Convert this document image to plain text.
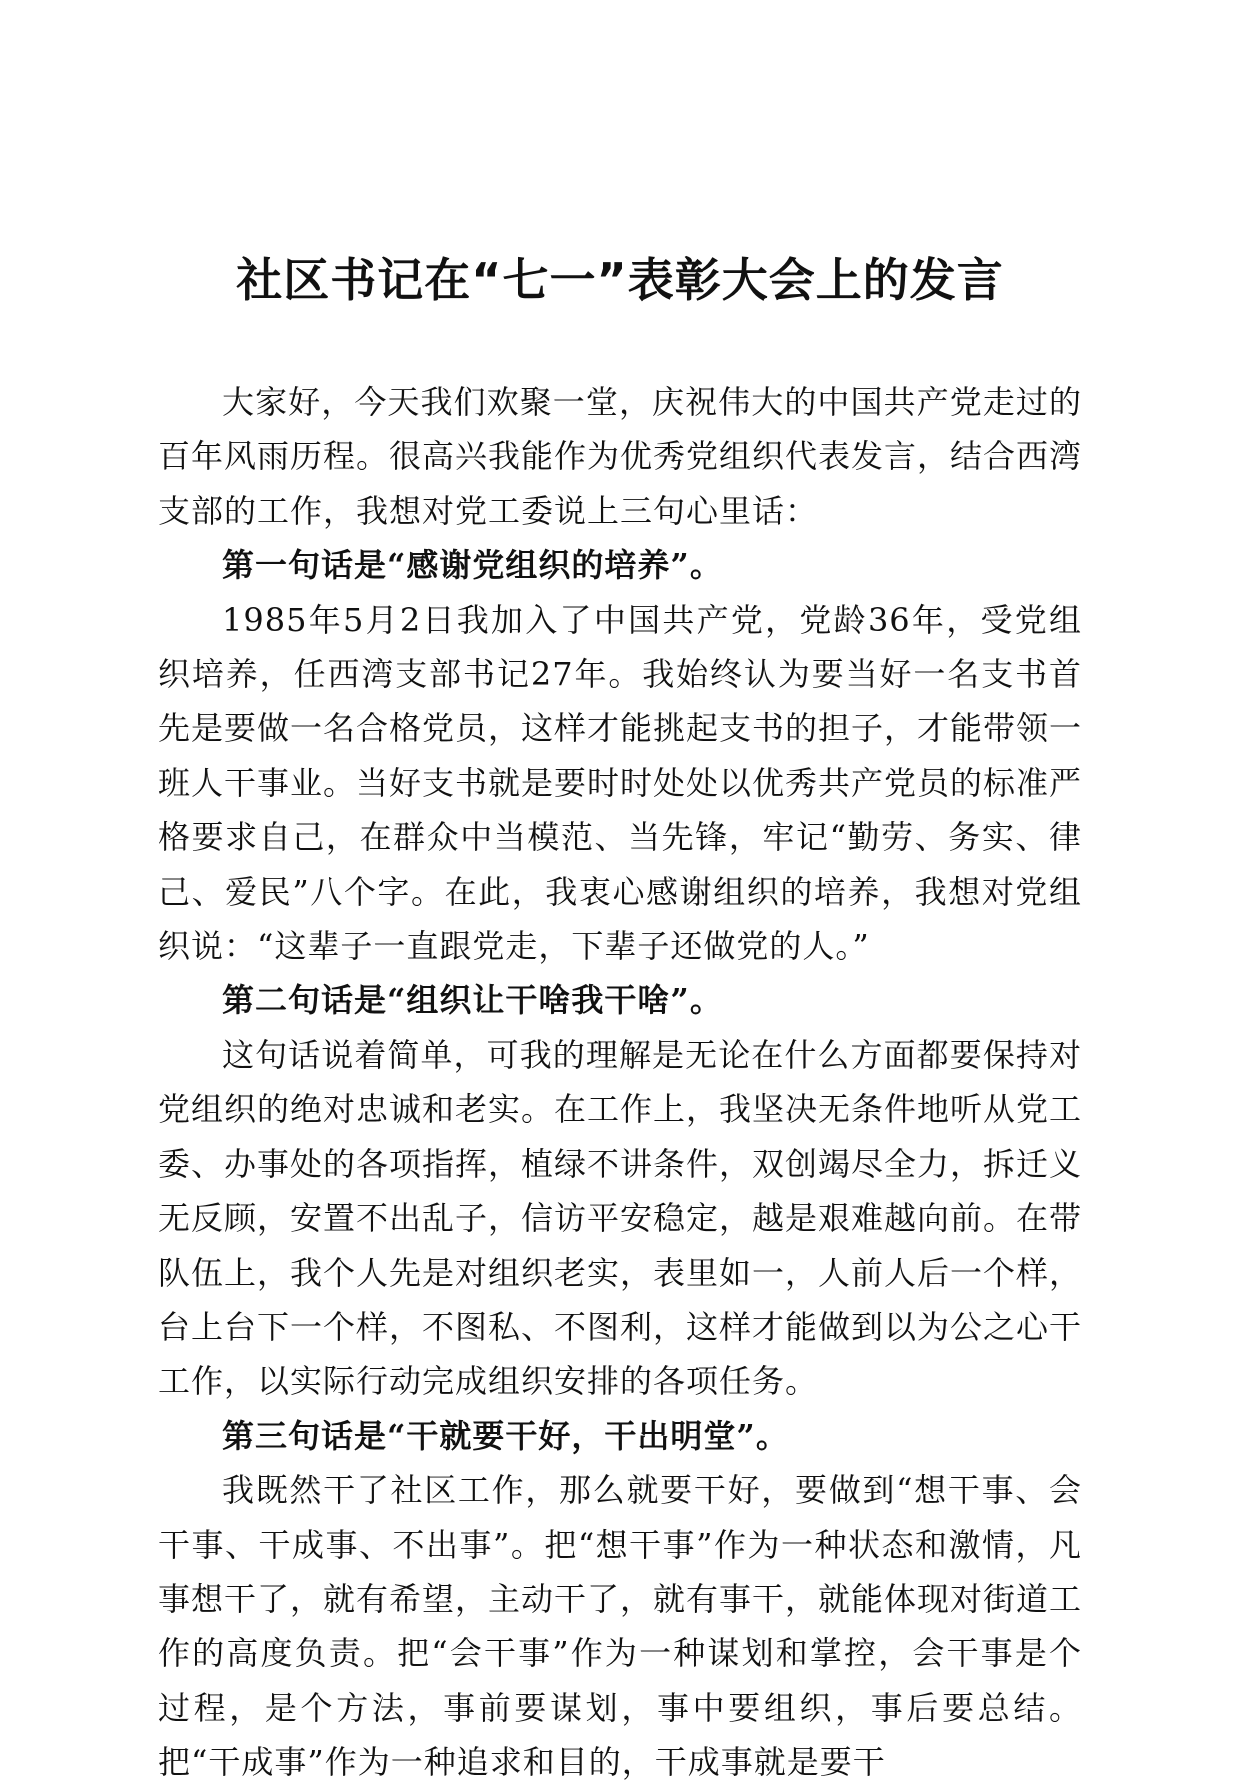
社区书记在“七一”表彰大会上的发言

大家好，今天我们欢聚一堂，庆祝伟大的中国共产党走过的百年风雨历程。很高兴我能作为优秀党组织代表发言，结合西湾支部的工作，我想对党工委说上三句心里话：

第一句话是“感谢党组织的培养”。

1985年5月2日我加入了中国共产党，党龄36年，受党组织培养，任西湾支部书记27年。我始终认为要当好一名支书首先是要做一名合格党员，这样才能挑起支书的担子，才能带领一班人干事业。当好支书就是要时时处处以优秀共产党员的标准严格要求自己，在群众中当模范、当先锋，牢记“勤劳、务实、律己、爱民”八个字。在此，我衷心感谢组织的培养，我想对党组织说：“这辈子一直跟党走，下辈子还做党的人。”

第二句话是“组织让干啥我干啥”。

这句话说着简单，可我的理解是无论在什么方面都要保持对党组织的绝对忠诚和老实。在工作上，我坚决无条件地听从党工委、办事处的各项指挥，植绿不讲条件，双创竭尽全力，拆迁义无反顾，安置不出乱子，信访平安稳定，越是艰难越向前。在带队伍上，我个人先是对组织老实，表里如一，人前人后一个样，台上台下一个样，不图私、不图利，这样才能做到以为公之心干工作，以实际行动完成组织安排的各项任务。

第三句话是“干就要干好，干出明堂”。

我既然干了社区工作，那么就要干好，要做到“想干事、会干事、干成事、不出事”。把“想干事”作为一种状态和激情，凡事想干了，就有希望，主动干了，就有事干，就能体现对街道工作的高度负责。把“会干事”作为一种谋划和掌控，会干事是个过程，是个方法，事前要谋划，事中要组织，事后要总结。把“干成事”作为一种追求和目的，干成事就是要干
